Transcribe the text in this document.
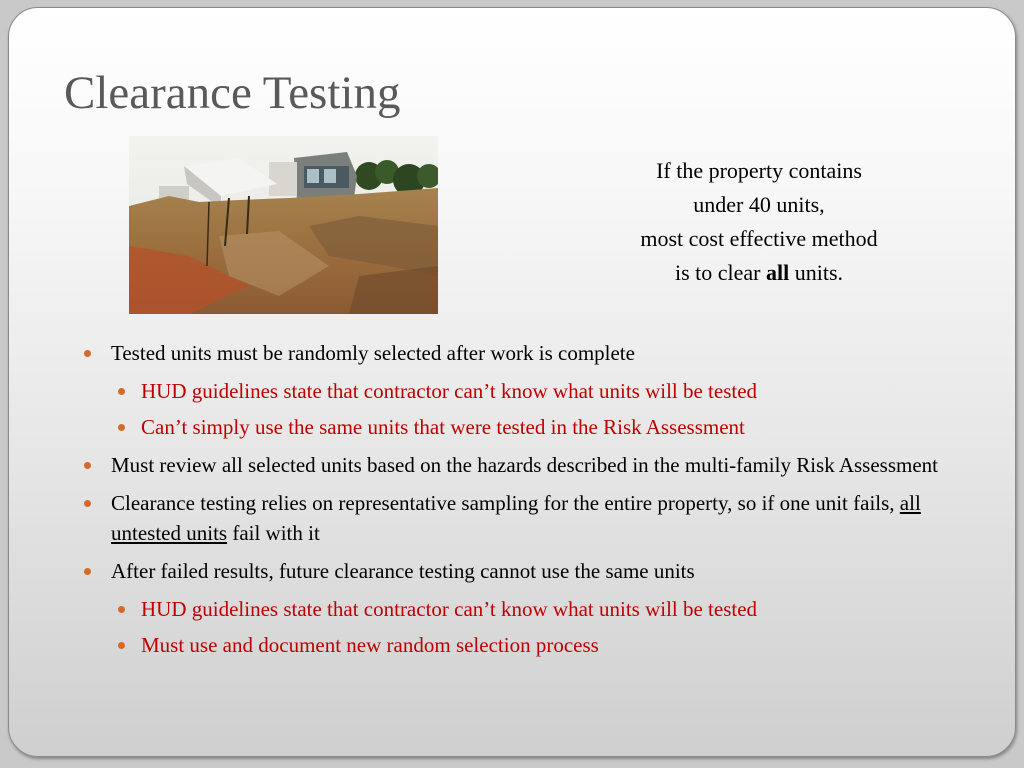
Clearance Testing
If the property contains
under 40 units,
most cost effective method
is to clear all units.
Tested units must be randomly selected after work is complete
HUD guidelines state that contractor can’t know what units will be tested
Can’t simply use the same units that were tested in the Risk Assessment
Must review all selected units based on the hazards described in the multi-family Risk Assessment
Clearance testing relies on representative sampling for the entire property, so if one unit fails, all untested units fail with it
After failed results, future clearance testing cannot use the same units
HUD guidelines state that contractor can’t know what units will be tested
Must use and document new random selection process
